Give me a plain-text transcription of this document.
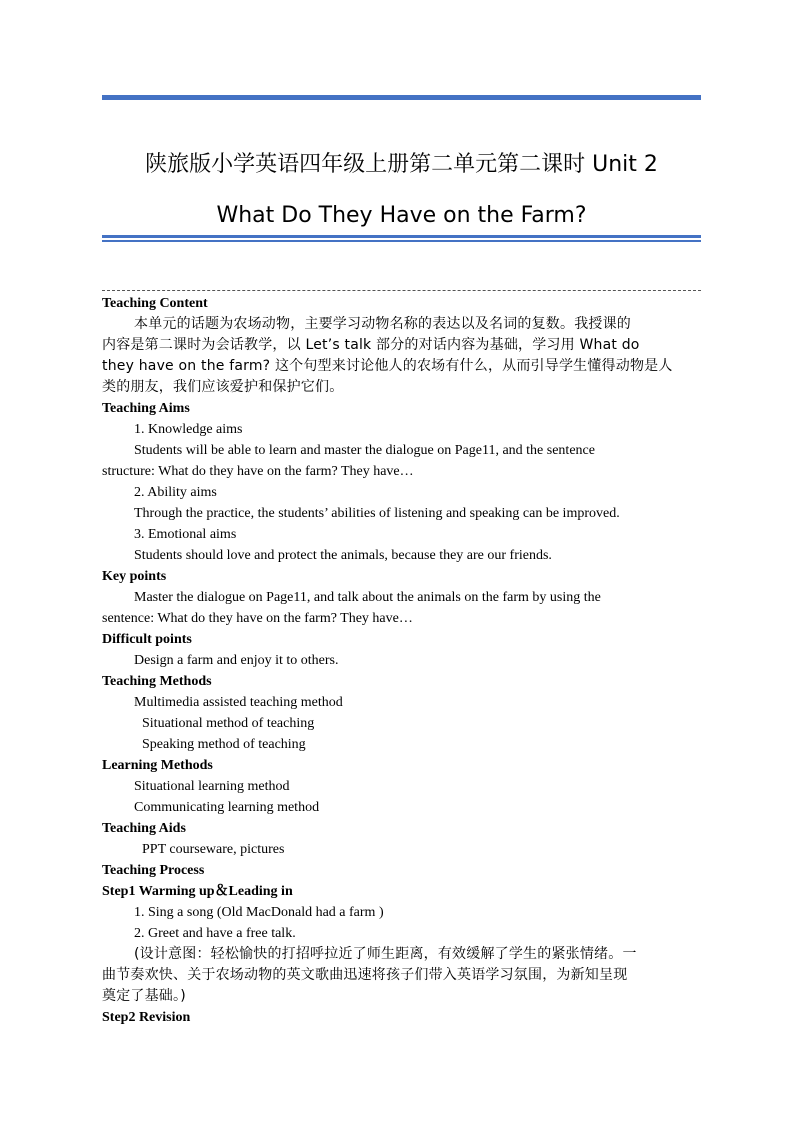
陕旅版小学英语四年级上册第二单元第二课时 Unit 2
What Do They Have on the Farm?
Teaching Content
本单元的话题为农场动物，主要学习动物名称的表达以及名词的复数。我授课的
内容是第二课时为会话教学，以 Let’s talk 部分的对话内容为基础，学习用 What do
they have on the farm? 这个句型来讨论他人的农场有什么，从而引导学生懂得动物是人
类的朋友，我们应该爱护和保护它们。
Teaching Aims
1. Knowledge aims
Students will be able to learn and master the dialogue on Page11, and the sentence
structure: What do they have on the farm? They have…
2. Ability aims
Through the practice, the students’ abilities of listening and speaking can be improved.
3. Emotional aims
Students should love and protect the animals, because they are our friends.
Key points
Master the dialogue on Page11, and talk about the animals on the farm by using the
sentence: What do they have on the farm? They have…
Difficult points
Design a farm and enjoy it to others.
Teaching Methods
Multimedia assisted teaching method
Situational method of teaching
Speaking method of teaching
Learning Methods
Situational learning method
Communicating learning method
Teaching Aids
PPT courseware, pictures
Teaching Process
Step1 Warming up＆Leading in
1. Sing a song (Old MacDonald had a farm )
2. Greet and have a free talk.
(设计意图：轻松愉快的打招呼拉近了师生距离，有效缓解了学生的紧张情绪。一
曲节奏欢快、关于农场动物的英文歌曲迅速将孩子们带入英语学习氛围，为新知呈现
奠定了基础。)
Step2 Revision
